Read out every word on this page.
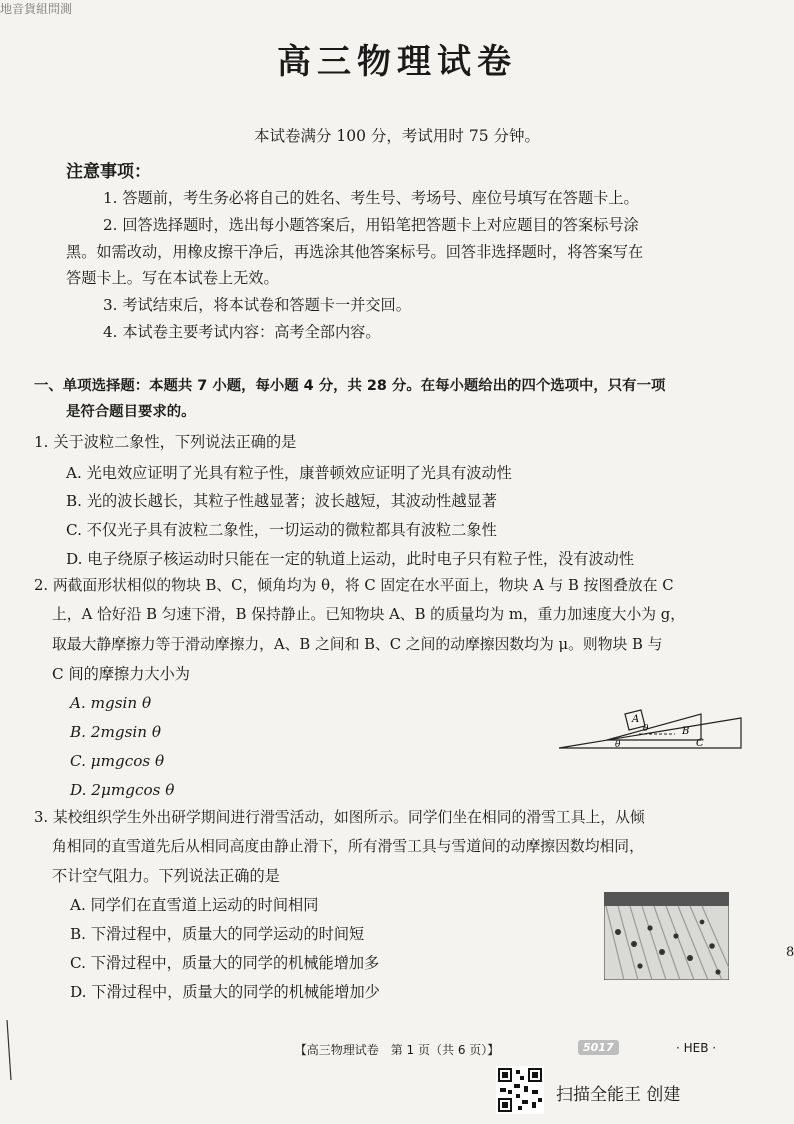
地音貨組問測
高三物理试卷
本试卷满分 100 分，考试用时 75 分钟。
注意事项：
1. 答题前，考生务必将自己的姓名、考生号、考场号、座位号填写在答题卡上。
2. 回答选择题时，选出每小题答案后，用铅笔把答题卡上对应题目的答案标号涂
黑。如需改动，用橡皮擦干净后，再选涂其他答案标号。回答非选择题时，将答案写在
答题卡上。写在本试卷上无效。
3. 考试结束后，将本试卷和答题卡一并交回。
4. 本试卷主要考试内容：高考全部内容。
一、单项选择题：本题共 7 小题，每小题 4 分，共 28 分。在每小题给出的四个选项中，只有一项
是符合题目要求的。
1. 关于波粒二象性，下列说法正确的是
A. 光电效应证明了光具有粒子性，康普顿效应证明了光具有波动性
B. 光的波长越长，其粒子性越显著；波长越短，其波动性越显著
C. 不仅光子具有波粒二象性，一切运动的微粒都具有波粒二象性
D. 电子绕原子核运动时只能在一定的轨道上运动，此时电子只有粒子性，没有波动性
2. 两截面形状相似的物块 B、C，倾角均为 θ，将 C 固定在水平面上，物块 A 与 B 按图叠放在 C
上，A 恰好沿 B 匀速下滑，B 保持静止。已知物块 A、B 的质量均为 m，重力加速度大小为 g，
取最大静摩擦力等于滑动摩擦力，A、B 之间和 B、C 之间的动摩擦因数均为 μ。则物块 B 与
C 间的摩擦力大小为
A. mgsin θ
B. 2mgsin θ
C. μmgcos θ
D. 2μmgcos θ
A
B
C
θ
θ
3. 某校组织学生外出研学期间进行滑雪活动，如图所示。同学们坐在相同的滑雪工具上，从倾
角相同的直雪道先后从相同高度由静止滑下，所有滑雪工具与雪道间的动摩擦因数均相同，
不计空气阻力。下列说法正确的是
A. 同学们在直雪道上运动的时间相同
B. 下滑过程中，质量大的同学运动的时间短
C. 下滑过程中，质量大的同学的机械能增加多
D. 下滑过程中，质量大的同学的机械能增加少
8
【高三物理试卷　第 1 页（共 6 页）】	5017	· HEB ·
扫描全能王 创建
